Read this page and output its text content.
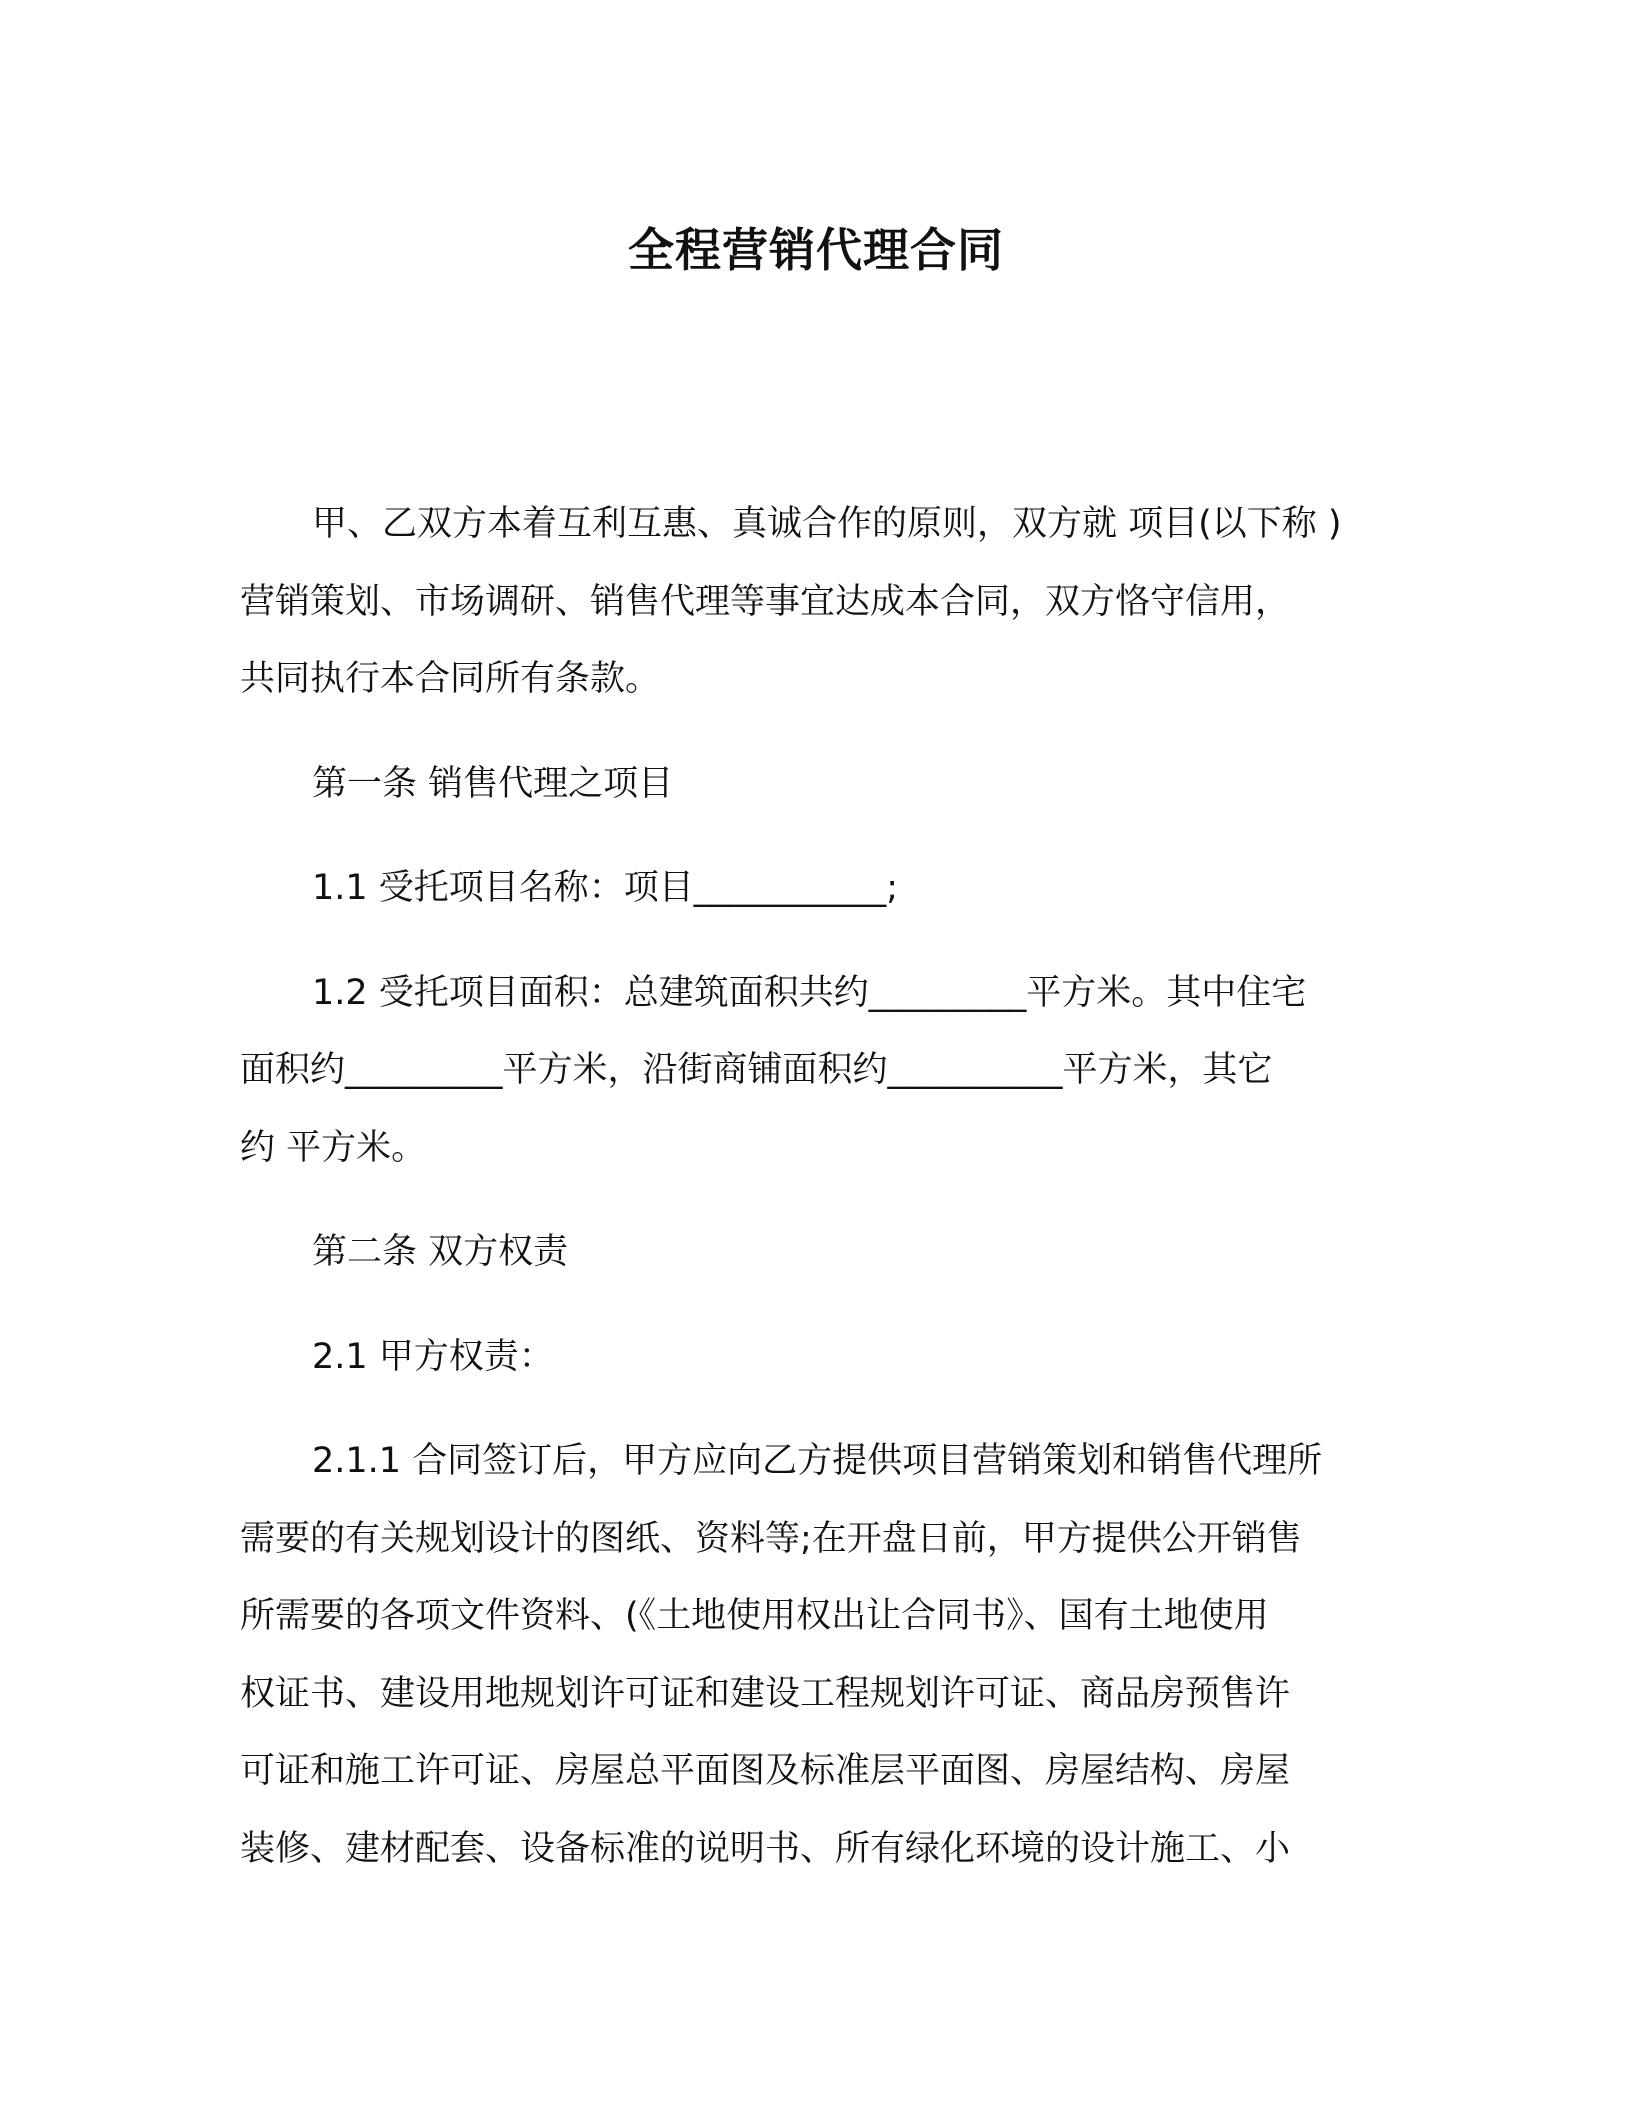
全程营销代理合同
甲、乙双方本着互利互惠、真诚合作的原则，双方就 项目(以下称 )
营销策划、市场调研、销售代理等事宜达成本合同，双方恪守信用，
共同执行本合同所有条款。
第一条 销售代理之项目
1.1 受托项目名称：项目___________;
1.2 受托项目面积：总建筑面积共约_________平方米。其中住宅
面积约_________平方米，沿街商铺面积约__________平方米，其它
约 平方米。
第二条 双方权责
2.1 甲方权责：
2.1.1 合同签订后，甲方应向乙方提供项目营销策划和销售代理所
需要的有关规划设计的图纸、资料等;在开盘日前，甲方提供公开销售
所需要的各项文件资料、(《土地使用权出让合同书》、国有土地使用
权证书、建设用地规划许可证和建设工程规划许可证、商品房预售许
可证和施工许可证、房屋总平面图及标准层平面图、房屋结构、房屋
装修、建材配套、设备标准的说明书、所有绿化环境的设计施工、小
